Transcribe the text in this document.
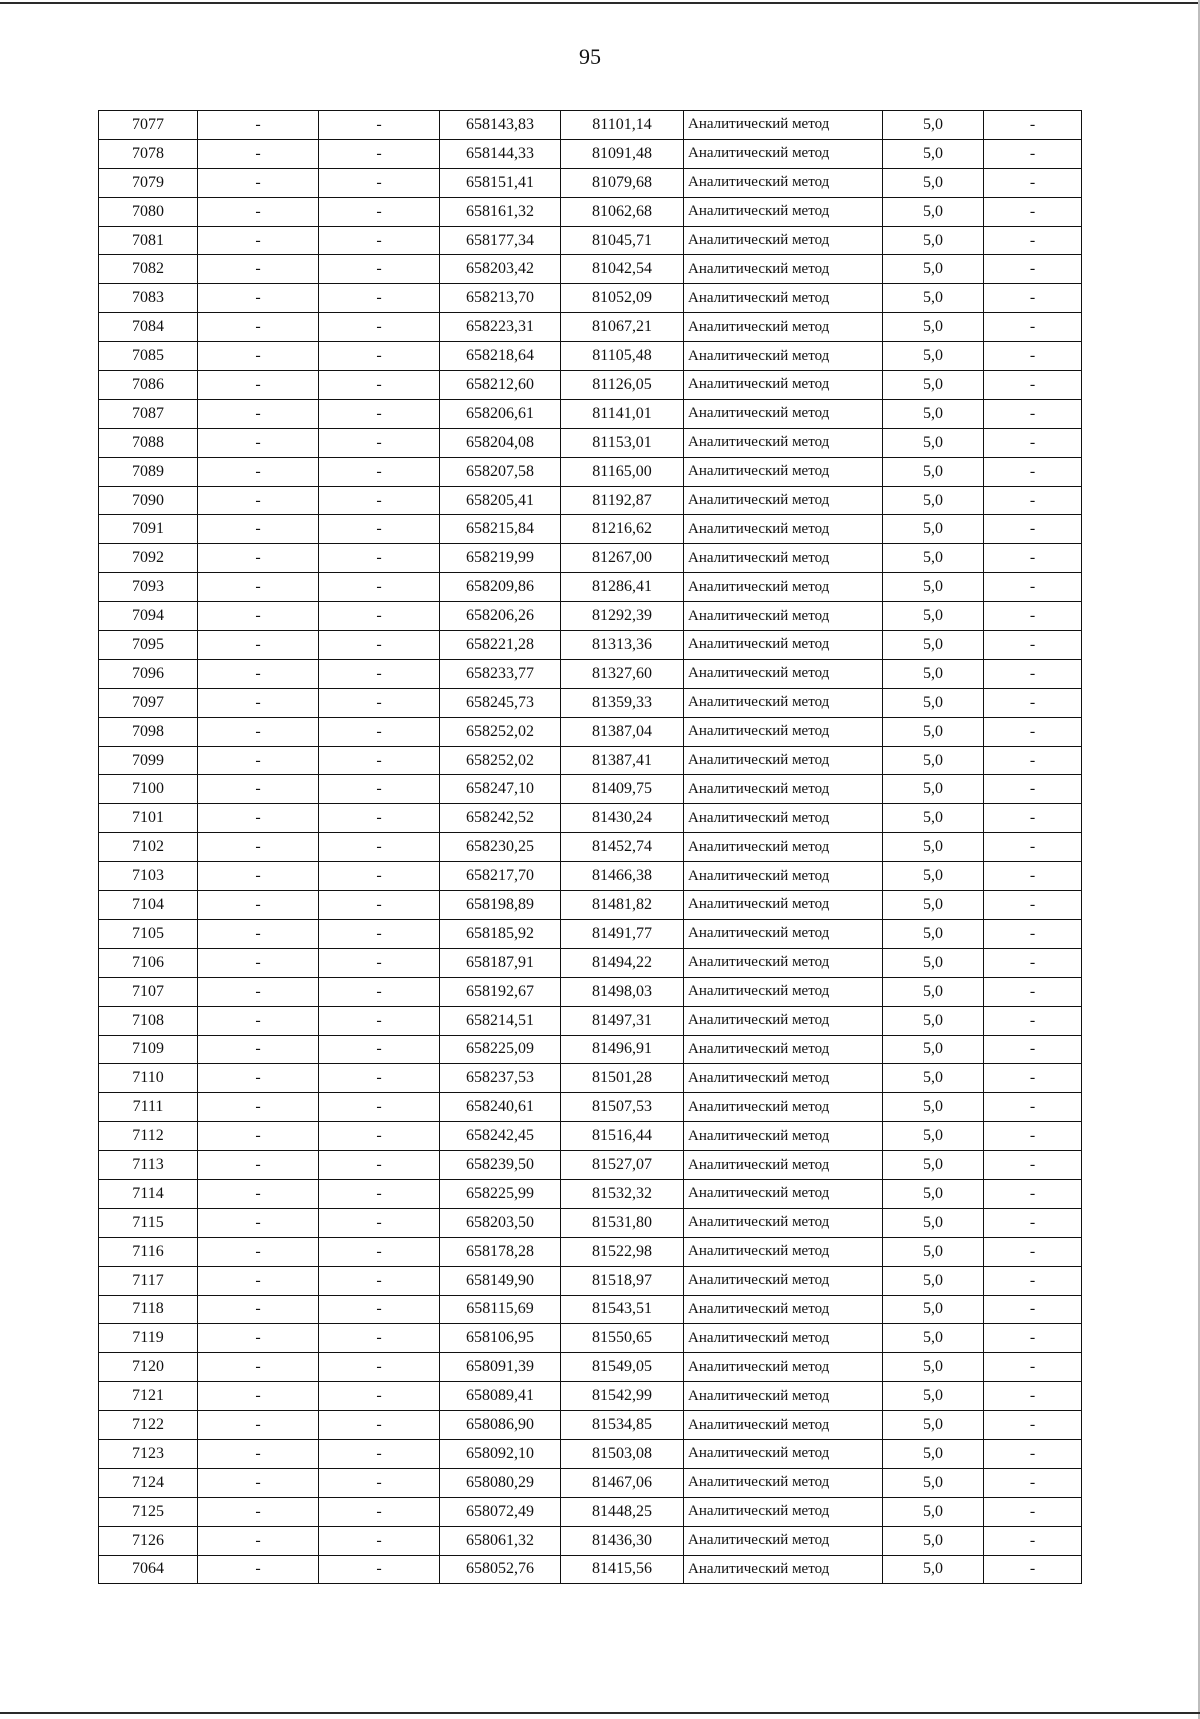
95
7077	-	-	658143,83	81101,14	Аналитический метод	5,0	-
7078	-	-	658144,33	81091,48	Аналитический метод	5,0	-
7079	-	-	658151,41	81079,68	Аналитический метод	5,0	-
7080	-	-	658161,32	81062,68	Аналитический метод	5,0	-
7081	-	-	658177,34	81045,71	Аналитический метод	5,0	-
7082	-	-	658203,42	81042,54	Аналитический метод	5,0	-
7083	-	-	658213,70	81052,09	Аналитический метод	5,0	-
7084	-	-	658223,31	81067,21	Аналитический метод	5,0	-
7085	-	-	658218,64	81105,48	Аналитический метод	5,0	-
7086	-	-	658212,60	81126,05	Аналитический метод	5,0	-
7087	-	-	658206,61	81141,01	Аналитический метод	5,0	-
7088	-	-	658204,08	81153,01	Аналитический метод	5,0	-
7089	-	-	658207,58	81165,00	Аналитический метод	5,0	-
7090	-	-	658205,41	81192,87	Аналитический метод	5,0	-
7091	-	-	658215,84	81216,62	Аналитический метод	5,0	-
7092	-	-	658219,99	81267,00	Аналитический метод	5,0	-
7093	-	-	658209,86	81286,41	Аналитический метод	5,0	-
7094	-	-	658206,26	81292,39	Аналитический метод	5,0	-
7095	-	-	658221,28	81313,36	Аналитический метод	5,0	-
7096	-	-	658233,77	81327,60	Аналитический метод	5,0	-
7097	-	-	658245,73	81359,33	Аналитический метод	5,0	-
7098	-	-	658252,02	81387,04	Аналитический метод	5,0	-
7099	-	-	658252,02	81387,41	Аналитический метод	5,0	-
7100	-	-	658247,10	81409,75	Аналитический метод	5,0	-
7101	-	-	658242,52	81430,24	Аналитический метод	5,0	-
7102	-	-	658230,25	81452,74	Аналитический метод	5,0	-
7103	-	-	658217,70	81466,38	Аналитический метод	5,0	-
7104	-	-	658198,89	81481,82	Аналитический метод	5,0	-
7105	-	-	658185,92	81491,77	Аналитический метод	5,0	-
7106	-	-	658187,91	81494,22	Аналитический метод	5,0	-
7107	-	-	658192,67	81498,03	Аналитический метод	5,0	-
7108	-	-	658214,51	81497,31	Аналитический метод	5,0	-
7109	-	-	658225,09	81496,91	Аналитический метод	5,0	-
7110	-	-	658237,53	81501,28	Аналитический метод	5,0	-
7111	-	-	658240,61	81507,53	Аналитический метод	5,0	-
7112	-	-	658242,45	81516,44	Аналитический метод	5,0	-
7113	-	-	658239,50	81527,07	Аналитический метод	5,0	-
7114	-	-	658225,99	81532,32	Аналитический метод	5,0	-
7115	-	-	658203,50	81531,80	Аналитический метод	5,0	-
7116	-	-	658178,28	81522,98	Аналитический метод	5,0	-
7117	-	-	658149,90	81518,97	Аналитический метод	5,0	-
7118	-	-	658115,69	81543,51	Аналитический метод	5,0	-
7119	-	-	658106,95	81550,65	Аналитический метод	5,0	-
7120	-	-	658091,39	81549,05	Аналитический метод	5,0	-
7121	-	-	658089,41	81542,99	Аналитический метод	5,0	-
7122	-	-	658086,90	81534,85	Аналитический метод	5,0	-
7123	-	-	658092,10	81503,08	Аналитический метод	5,0	-
7124	-	-	658080,29	81467,06	Аналитический метод	5,0	-
7125	-	-	658072,49	81448,25	Аналитический метод	5,0	-
7126	-	-	658061,32	81436,30	Аналитический метод	5,0	-
7064	-	-	658052,76	81415,56	Аналитический метод	5,0	-
